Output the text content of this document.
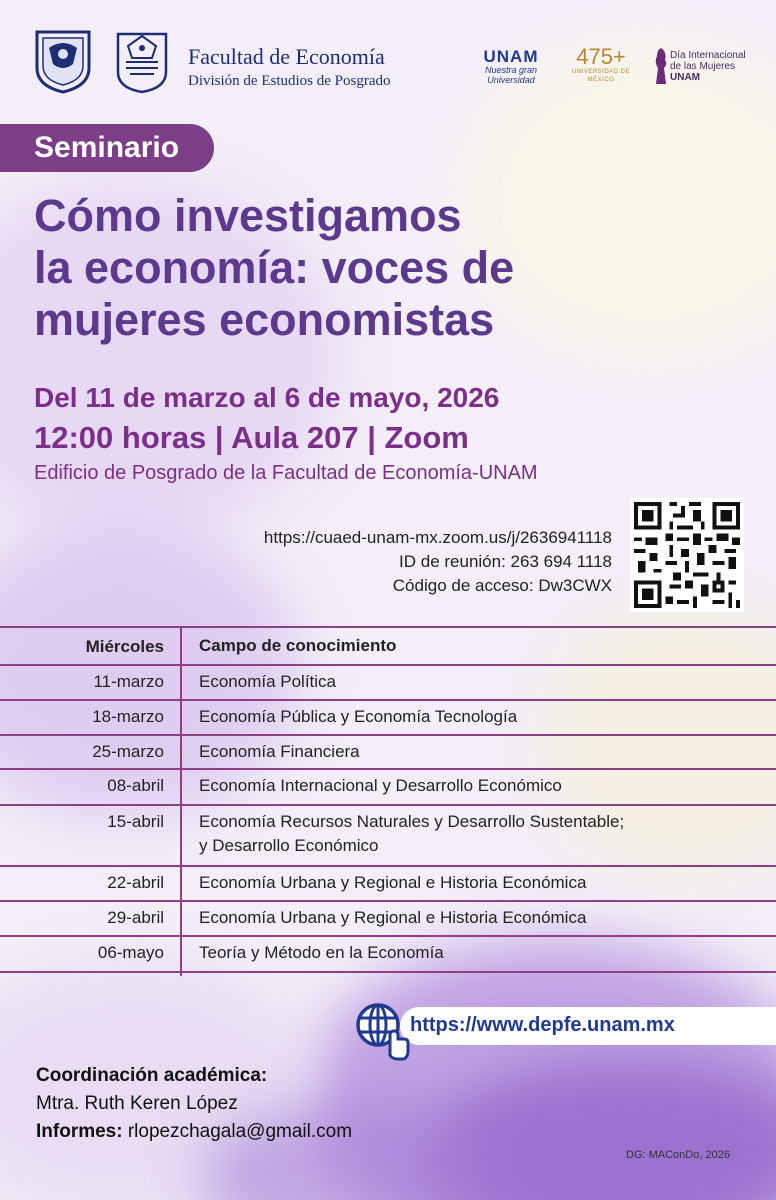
Facultad de Economía
División de Estudios de Posgrado
UNAM
Nuestra gran Universidad
475+
UNIVERSIDAD DE MÉXICO
Día Internacional
de las Mujeres
UNAM
Seminario
Cómo investigamos
la economía: voces de
mujeres economistas
Del 11 de marzo al 6 de mayo, 2026
12:00 horas | Aula 207 | Zoom
Edificio de Posgrado de la Facultad de Economía-UNAM
https://cuaed-unam-mx.zoom.us/j/2636941118
ID de reunión: 263 694 1118
Código de acceso: Dw3CWX
Miércoles Campo de conocimiento
11-marzo Economía Política
18-marzo Economía Pública y Economía Tecnología
25-marzo Economía Financiera
08-abril Economía Internacional y Desarrollo Económico
15-abril Economía Recursos Naturales y Desarrollo Sustentable;
y Desarrollo Económico
22-abril Economía Urbana y Regional e Historia Económica
29-abril Economía Urbana y Regional e Historia Económica
06-mayo Teoría y Método en la Economía
https://www.depfe.unam.mx
Coordinación académica:
Mtra. Ruth Keren López
Informes: rlopezchagala@gmail.com
DG: MAConDo, 2026
